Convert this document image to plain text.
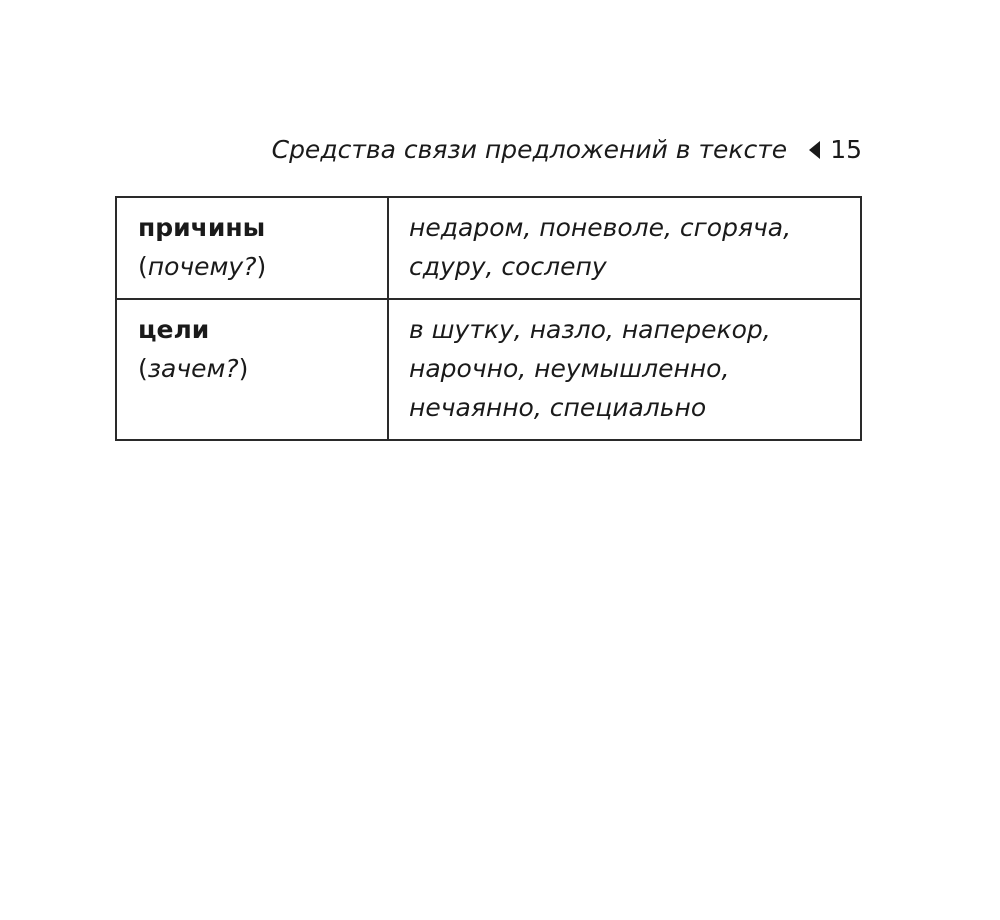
Средства связи предложений в тексте 15
причины
(почему?)	недаром, поневоле, сгоряча, сдуру, сослепу

цели
(зачем?)	в шутку, назло, наперекор, нарочно, неумышленно, нечаянно, специально
